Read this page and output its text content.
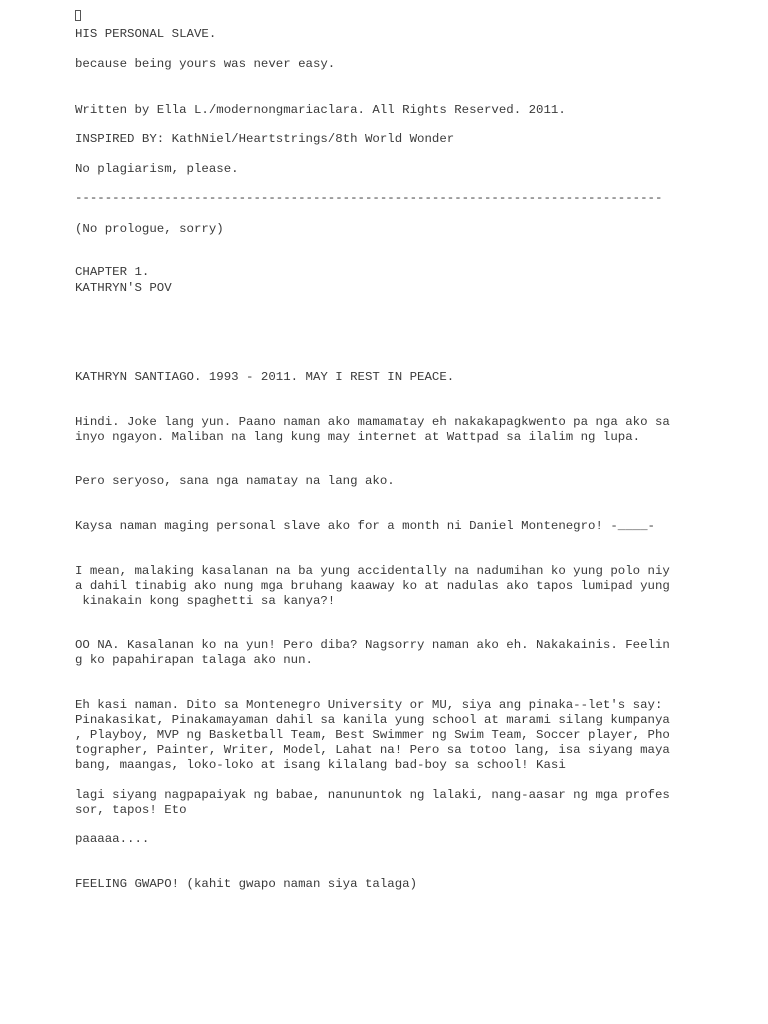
HIS PERSONAL SLAVE.

because being yours was never easy.

Written by Ella L./modernongmariaclara. All Rights Reserved. 2011.

INSPIRED BY: KathNiel/Heartstrings/8th World Wonder

No plagiarism, please.

-------------------------------------------------------------------------------

(No prologue, sorry)

CHAPTER 1.

KATHRYN'S POV

KATHRYN SANTIAGO. 1993 - 2011. MAY I REST IN PEACE.

Hindi. Joke lang yun. Paano naman ako mamamatay eh nakakapagkwento pa nga ako sa

inyo ngayon. Maliban na lang kung may internet at Wattpad sa ilalim ng lupa.

Pero seryoso, sana nga namatay na lang ako.

Kaysa naman maging personal slave ako for a month ni Daniel Montenegro! -____-

I mean, malaking kasalanan na ba yung accidentally na nadumihan ko yung polo niy

a dahil tinabig ako nung mga bruhang kaaway ko at nadulas ako tapos lumipad yung

kinakain kong spaghetti sa kanya?!

OO NA. Kasalanan ko na yun! Pero diba? Nagsorry naman ako eh. Nakakainis. Feelin

g ko papahirapan talaga ako nun.

Eh kasi naman. Dito sa Montenegro University or MU, siya ang pinaka--let's say:

Pinakasikat, Pinakamayaman dahil sa kanila yung school at marami silang kumpanya

, Playboy, MVP ng Basketball Team, Best Swimmer ng Swim Team, Soccer player, Pho

tographer, Painter, Writer, Model, Lahat na! Pero sa totoo lang, isa siyang maya

bang, maangas, loko-loko at isang kilalang bad-boy sa school! Kasi

lagi siyang nagpapaiyak ng babae, nanununtok ng lalaki, nang-aasar ng mga profes

sor, tapos! Eto

paaaaa....

FEELING GWAPO! (kahit gwapo naman siya talaga)
